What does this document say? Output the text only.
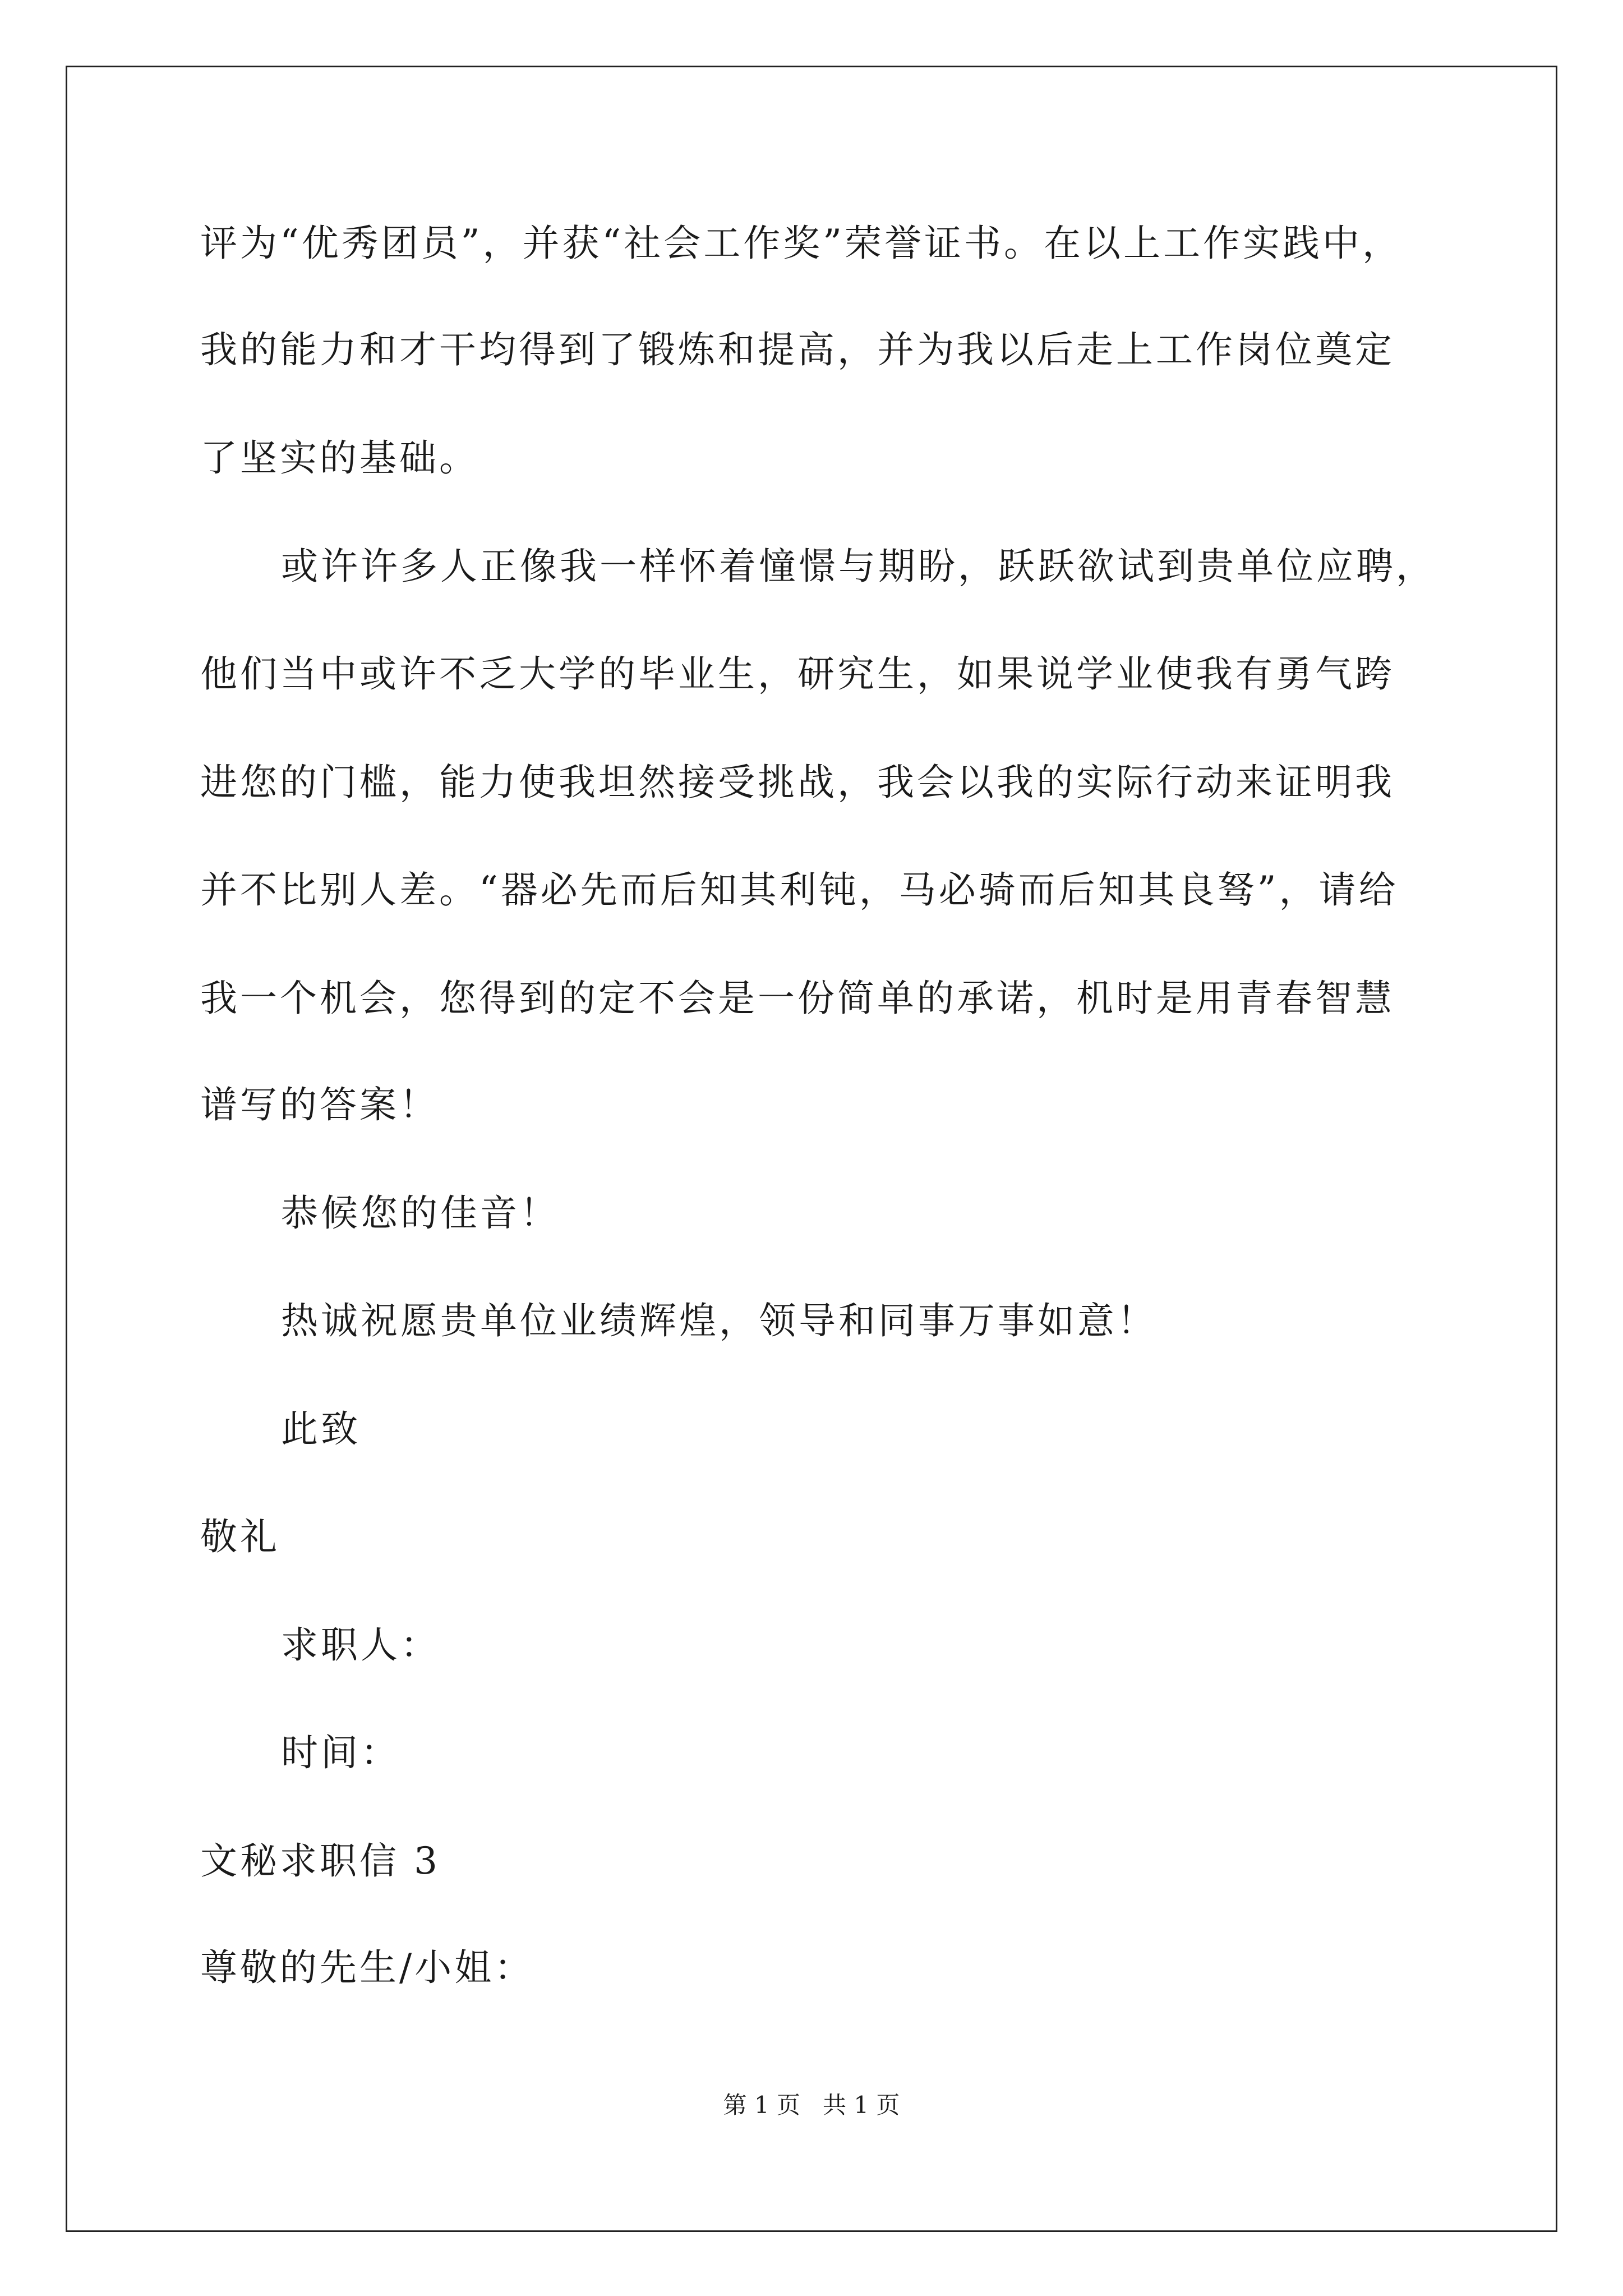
评为“优秀团员”，并获“社会工作奖”荣誉证书。在以上工作实践中，
我的能力和才干均得到了锻炼和提高，并为我以后走上工作岗位奠定
了坚实的基础。
或许许多人正像我一样怀着憧憬与期盼，跃跃欲试到贵单位应聘，
他们当中或许不乏大学的毕业生，研究生，如果说学业使我有勇气跨
进您的门槛，能力使我坦然接受挑战，我会以我的实际行动来证明我
并不比别人差。“器必先而后知其利钝，马必骑而后知其良驽”，请给
我一个机会，您得到的定不会是一份简单的承诺，机时是用青春智慧
谱写的答案！
恭候您的佳音！
热诚祝愿贵单位业绩辉煌，领导和同事万事如意！
此致
敬礼
求职人：
时间：
文秘求职信 3
尊敬的先生/小姐：
第 1 页 共 1 页
